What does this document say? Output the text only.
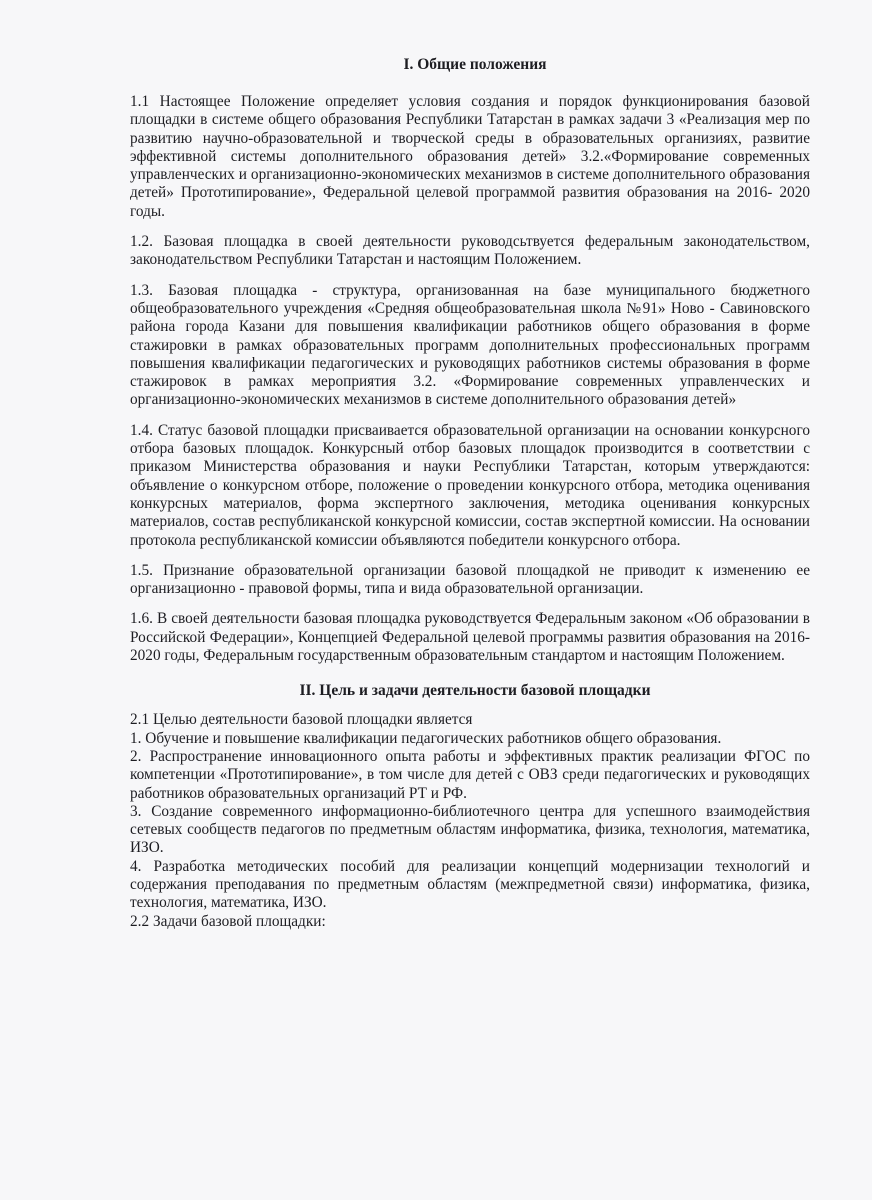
I. Общие положения

1.1 Настоящее Положение определяет условия создания и порядок функционирования базовой площадки в системе общего образования Республики Татарстан в рамках задачи 3 «Реализация мер по развитию научно-образовательной и творческой среды в образовательных организиях, развитие эффективной системы дополнительного образования детей» 3.2.«Формирование современных управленческих и организационно-экономических механизмов в системе дополнительного образования детей» Прототипирование», Федеральной целевой программой развития образования на 2016- 2020 годы.

1.2. Базовая площадка в своей деятельности руководсьтвуется федеральным законодательством, законодательством Республики Татарстан и настоящим Положением.

1.3. Базовая площадка - структура, организованная на базе муниципального бюджетного общеобразовательного учреждения «Средняя общеобразовательная школа №91» Ново - Савиновского района города Казани для повышения квалификации работников общего образования в форме стажировки в рамках образовательных программ дополнительных профессиональных программ повышения квалификации педагогических и руководящих работников системы образования в форме стажировок в рамках мероприятия 3.2. «Формирование современных управленческих и организационно-экономических механизмов в системе дополнительного образования детей»

1.4. Статус базовой площадки присваивается образовательной организации на основании конкурсного отбора базовых площадок. Конкурсный отбор базовых площадок производится в соответствии с приказом Министерства образования и науки Республики Татарстан, которым утверждаются: объявление о конкурсном отборе, положение о проведении конкурсного отбора, методика оценивания конкурсных материалов, форма экспертного заключения, методика оценивания конкурсных материалов, состав республиканской конкурсной комиссии, состав экспертной комиссии. На основании протокола республиканской комиссии объявляются победители конкурсного отбора.

1.5. Признание образовательной организации базовой площадкой не приводит к изменению ее организационно - правовой формы, типа и вида образовательной организации.

1.6. В своей деятельности базовая площадка руководствуется Федеральным законом «Об образовании в Российской Федерации», Концепцией Федеральной целевой программы развития образования на 2016-2020 годы, Федеральным государственным образовательным стандартом и настоящим Положением.

II. Цель и задачи деятельности базовой площадки

2.1 Целью деятельности базовой площадки является

1. Обучение и повышение квалификации педагогических работников общего образования.

2. Распространение инновационного опыта работы и эффективных практик реализации ФГОС по компетенции «Прототипирование», в том числе для детей с ОВЗ среди педагогических и руководящих работников образовательных организаций РТ и РФ.

3. Создание современного информационно-библиотечного центра для успешного взаимодействия сетевых сообществ педагогов по предметным областям информатика, физика, технология, математика, ИЗО.

4. Разработка методических пособий для реализации концепций модернизации технологий и содержания преподавания по предметным областям (межпредметной связи) информатика, физика, технология, математика, ИЗО.

2.2 Задачи базовой площадки:
